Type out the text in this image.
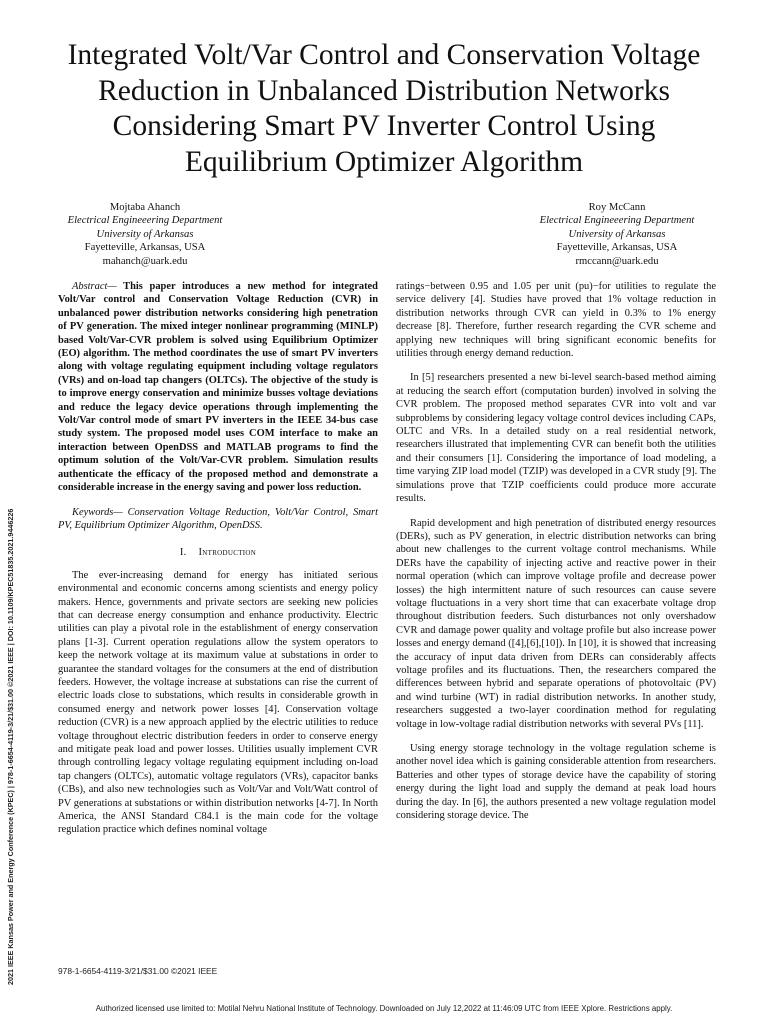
Integrated Volt/Var Control and Conservation Voltage Reduction in Unbalanced Distribution Networks Considering Smart PV Inverter Control Using Equilibrium Optimizer Algorithm
Mojtaba Ahanch
Electrical Engineeering Department
University of Arkansas
Fayetteville, Arkansas, USA
mahanch@uark.edu
Roy McCann
Electrical Engineeering Department
University of Arkansas
Fayetteville, Arkansas, USA
rmccann@uark.edu

Abstract— This paper introduces a new method for integrated Volt/Var control and Conservation Voltage Reduction (CVR) in unbalanced power distribution networks considering high penetration of PV generation. The mixed integer nonlinear programming (MINLP) based Volt/Var-CVR problem is solved using Equilibrium Optimizer (EO) algorithm. The method coordinates the use of smart PV inverters along with voltage regulating equipment including voltage regulators (VRs) and on-load tap changers (OLTCs). The objective of the study is to improve energy conservation and minimize busses voltage deviations and reduce the legacy device operations through implementing the Volt/Var control mode of smart PV inverters in the IEEE 34-bus case study system. The proposed model uses COM interface to make an interaction between OpenDSS and MATLAB programs to find the optimum solution of the Volt/Var-CVR problem. Simulation results authenticate the efficacy of the proposed method and demonstrate a considerable increase in the energy saving and power loss reduction.

Keywords— Conservation Voltage Reduction, Volt/Var Control, Smart PV, Equilibrium Optimizer Algorithm, OpenDSS.

I. Introduction

The ever-increasing demand for energy has initiated serious environmental and economic concerns among scientists and energy policy makers. Hence, governments and private sectors are seeking new policies that can decrease energy consumption and enhance productivity. Electric utilities can play a pivotal role in the establishment of energy conservation plans [1-3]. Current operation regulations allow the system operators to keep the network voltage at its maximum value at substations in order to guarantee the standard voltages for the consumers at the end of distribution feeders. However, the voltage increase at substations can rise the current of electric loads close to substations, which results in considerable growth in consumed energy and network power losses [4]. Conservation voltage reduction (CVR) is a new approach applied by the electric utilities to reduce voltage throughout electric distribution feeders in order to conserve energy and mitigate peak load and power losses. Utilities usually implement CVR through controlling legacy voltage regulating equipment including on-load tap changers (OLTCs), automatic voltage regulators (VRs), capacitor banks (CBs), and also new technologies such as Volt/Var and Volt/Watt control of PV generations at substations or within distribution networks [4-7]. In North America, the ANSI Standard C84.1 is the main code for the voltage regulation practice which defines nominal voltage

ratings−between 0.95 and 1.05 per unit (pu)−for utilities to regulate the service delivery [4]. Studies have proved that 1% voltage reduction in distribution networks through CVR can yield in 0.3% to 1% energy decrease [8]. Therefore, further research regarding the CVR scheme and applying new techniques will bring significant economic benefits for utilities through energy demand reduction.

In [5] researchers presented a new bi-level search-based method aiming at reducing the search effort (computation burden) involved in solving the CVR problem. The proposed method separates CVR into volt and var subproblems by considering legacy voltage control devices including CAPs, OLTC and VRs. In a detailed study on a real residential network, researchers illustrated that implementing CVR can benefit both the utilities and their consumers [1]. Considering the importance of load modeling, a time varying ZIP load model (TZIP) was developed in a CVR study [9]. The simulations prove that TZIP coefficients could produce more accurate results.

Rapid development and high penetration of distributed energy resources (DERs), such as PV generation, in electric distribution networks can bring about new challenges to the current voltage control mechanisms. While DERs have the capability of injecting active and reactive power in their normal operation (which can improve voltage profile and decrease power losses) the high intermittent nature of such resources can cause severe voltage fluctuations in a very short time that can exacerbate voltage drop throughout distribution feeders. Such disturbances not only overshadow CVR and damage power quality and voltage profile but also increase power losses and energy demand ([4],[6],[10]). In [10], it is showed that increasing the accuracy of input data driven from DERs can considerably affects voltage profiles and its fluctuations. Then, the researchers compared the differences between hybrid and separate operations of photovoltaic (PV) and wind turbine (WT) in radial distribution networks. In another study, researchers suggested a two-layer coordination method for regulating voltage in low-voltage radial distribution networks with several PVs [11].

Using energy storage technology in the voltage regulation scheme is another novel idea which is gaining considerable attention from researchers. Batteries and other types of storage device have the capability of storing energy during the light load and supply the demand at peak load hours during the day. In [6], the authors presented a new voltage regulation model considering storage device. The

2021 IEEE Kansas Power and Energy Conference (KPEC) | 978-1-6654-4119-3/21/$31.00 ©2021 IEEE | DOI: 10.1109/KPEC51835.2021.9446226	978-1-6654-4119-3/21/$31.00 ©2021 IEEE
Authorized licensed use limited to: Motilal Nehru National Institute of Technology. Downloaded on July 12,2022 at 11:46:09 UTC from IEEE Xplore. Restrictions apply.
